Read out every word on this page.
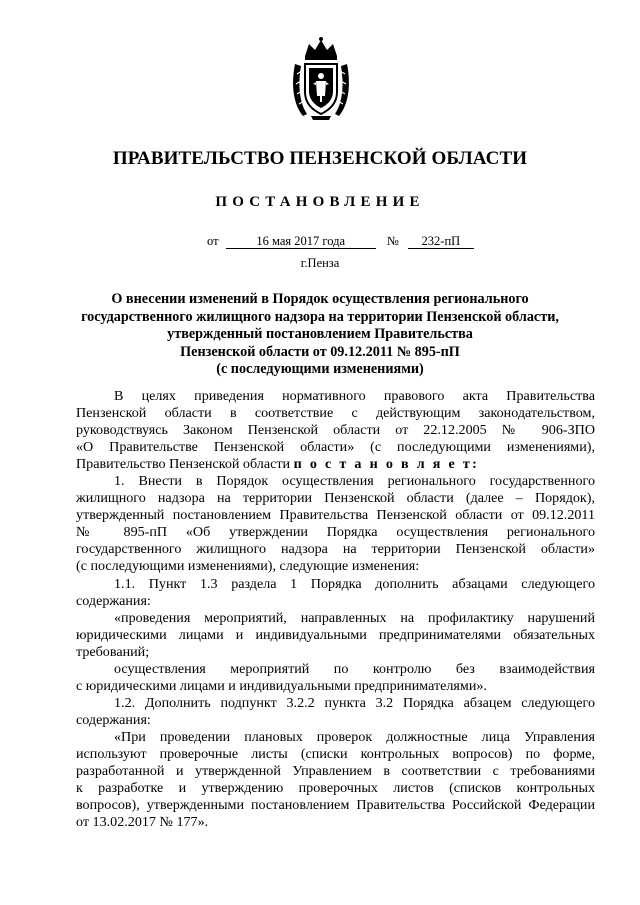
ПРАВИТЕЛЬСТВО ПЕНЗЕНСКОЙ ОБЛАСТИ
ПОСТАНОВЛЕНИЕ
от	16 мая 2017 года	№ 232-пП
г.Пенза
О внесении изменений в Порядок осуществления регионального
государственного жилищного надзора на территории Пензенской области,
утвержденный постановлением Правительства
Пензенской области от 09.12.2011 № 895-пП
(с последующими изменениями)
В целях приведения нормативного правового акта Правительства
Пензенской области в соответствие с действующим законодательством,
руководствуясь Законом Пензенской области от 22.12.2005 № 906-ЗПО
«О Правительстве Пензенской области» (с последующими изменениями),
Правительство Пензенской области п о с т а н о в л я е т:
1. Внести в Порядок осуществления регионального государственного
жилищного надзора на территории Пензенской области (далее – Порядок),
утвержденный постановлением Правительства Пензенской области от 09.12.2011
№ 895-пП «Об утверждении Порядка осуществления регионального
государственного жилищного надзора на территории Пензенской области»
(с последующими изменениями), следующие изменения:
1.1. Пункт 1.3 раздела 1 Порядка дополнить абзацами следующего
содержания:
«проведения мероприятий, направленных на профилактику нарушений
юридическими лицами и индивидуальными предпринимателями обязательных
требований;
осуществления мероприятий по контролю без взаимодействия
с юридическими лицами и индивидуальными предпринимателями».
1.2. Дополнить подпункт 3.2.2 пункта 3.2 Порядка абзацем следующего
содержания:
«При проведении плановых проверок должностные лица Управления
используют проверочные листы (списки контрольных вопросов) по форме,
разработанной и утвержденной Управлением в соответствии с требованиями
к разработке и утверждению проверочных листов (списков контрольных
вопросов), утвержденными постановлением Правительства Российской Федерации
от 13.02.2017 № 177».
